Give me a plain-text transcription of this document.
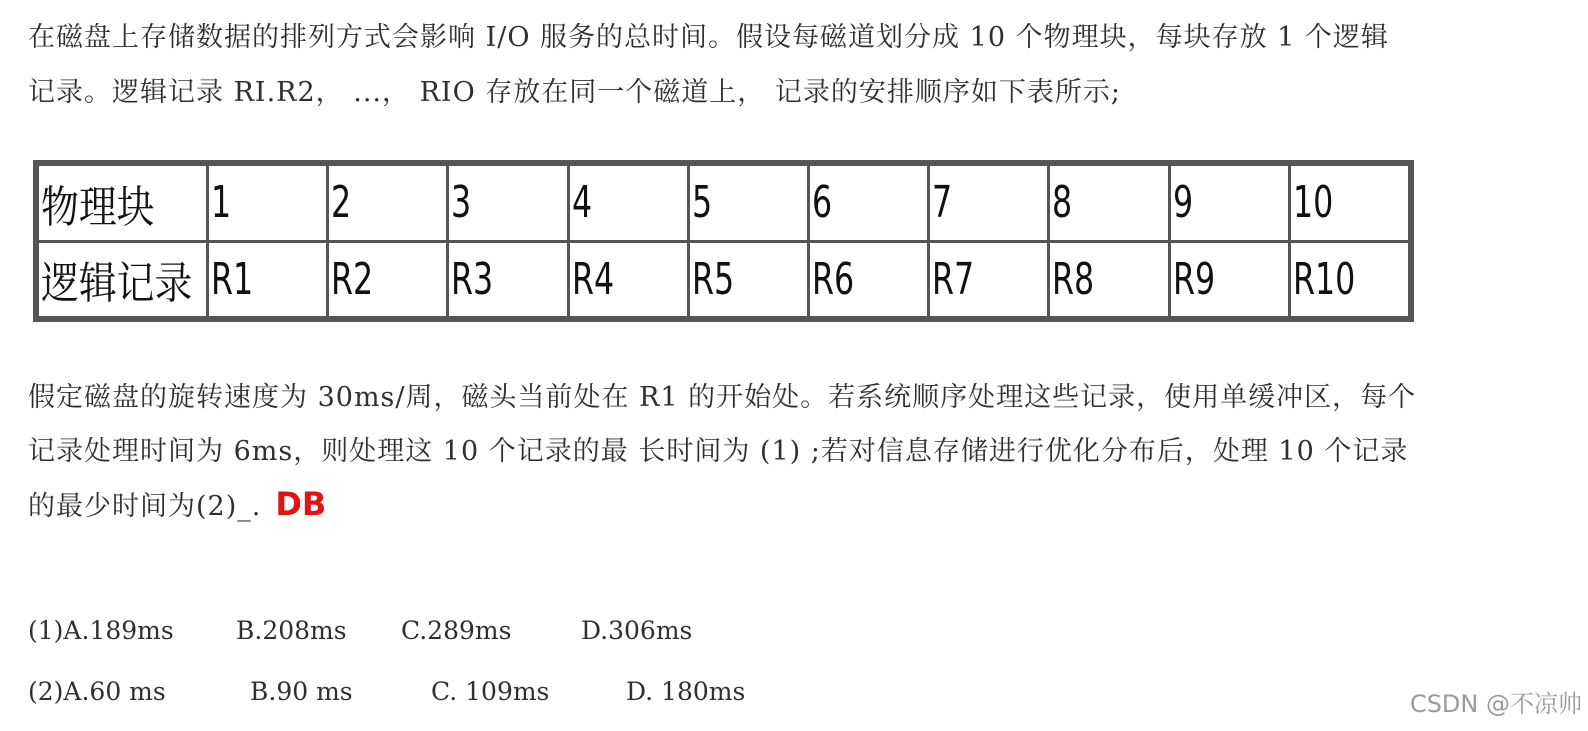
在磁盘上存储数据的排列方式会影响 I/O 服务的总时间。假设每磁道划分成 10 个物理块，每块存放 1 个逻辑
记录。逻辑记录 RI.R2， ...， RIO 存放在同一个磁道上， 记录的安排顺序如下表所示;
物理块	1	2	3	4	5	6	7	8	9	10
逻辑记录	R1	R2	R3	R4	R5	R6	R7	R8	R9	R10
假定磁盘的旋转速度为 30ms/周，磁头当前处在 R1 的开始处。若系统顺序处理这些记录，使用单缓冲区，每个
记录处理时间为 6ms，则处理这 10 个记录的最 长时间为 (1) ;若对信息存储进行优化分布后，处理 10 个记录
的最少时间为(2)_. DB
(1)A.189ms B.208ms C.289ms	D.306ms
(2)A.60 ms	B.90 ms	C. 109ms	D. 180ms	CSDN @不凉帅
